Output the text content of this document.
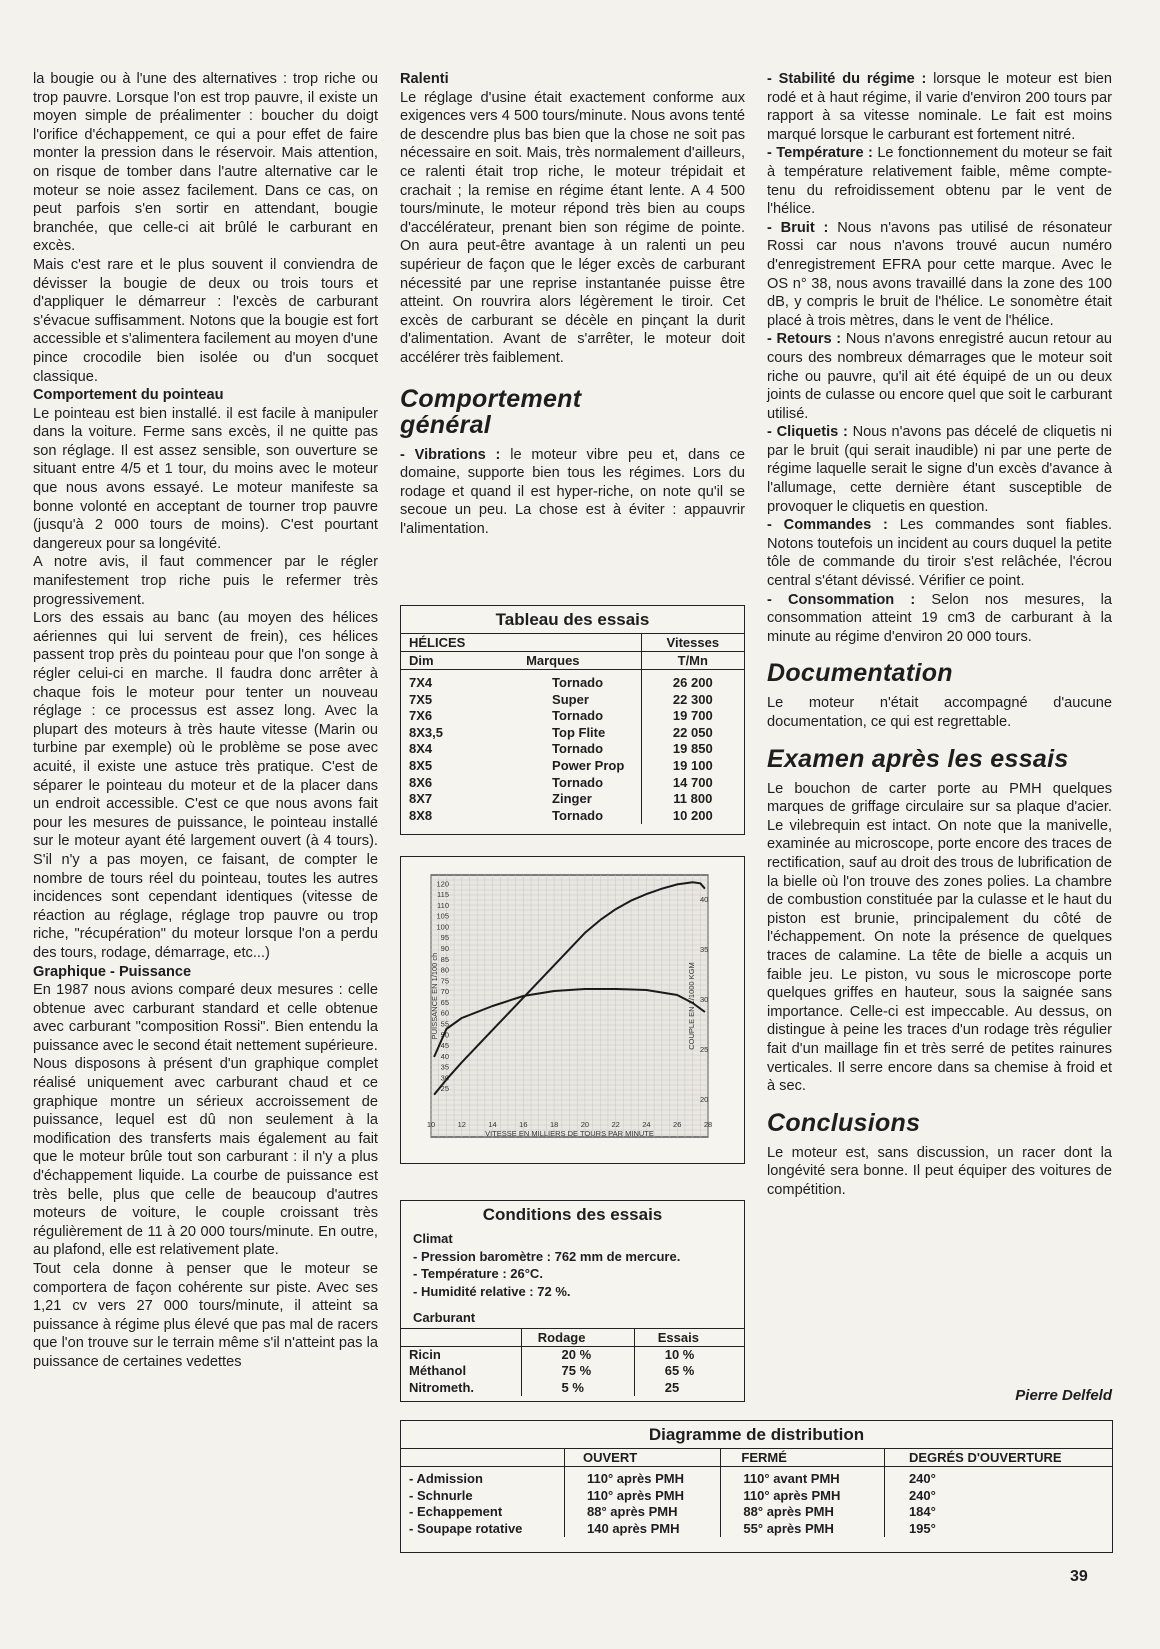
la bougie ou à l'une des alternatives : trop riche ou trop pauvre. Lorsque l'on est trop pauvre, il existe un moyen simple de préalimenter : boucher du doigt l'orifice d'échappement, ce qui a pour effet de faire monter la pression dans le réservoir. Mais attention, on risque de tomber dans l'autre alternative car le moteur se noie assez facilement. Dans ce cas, on peut parfois s'en sortir en attendant, bougie branchée, que celle-ci ait brûlé le carburant en excès.

Mais c'est rare et le plus souvent il conviendra de dévisser la bougie de deux ou trois tours et d'appliquer le démarreur : l'excès de carburant s'évacue suffisamment. Notons que la bougie est fort accessible et s'alimentera facilement au moyen d'une pince crocodile bien isolée ou d'un socquet classique.

Comportement du pointeau

Le pointeau est bien installé. il est facile à manipuler dans la voiture. Ferme sans excès, il ne quitte pas son réglage. Il est assez sensible, son ouverture se situant entre 4/5 et 1 tour, du moins avec le moteur que nous avons essayé. Le moteur manifeste sa bonne volonté en acceptant de tourner trop pauvre (jusqu'à 2 000 tours de moins). C'est pourtant dangereux pour sa longévité.

A notre avis, il faut commencer par le régler manifestement trop riche puis le refermer très progressivement.

Lors des essais au banc (au moyen des hélices aériennes qui lui servent de frein), ces hélices passent trop près du pointeau pour que l'on songe à régler celui-ci en marche. Il faudra donc arrêter à chaque fois le moteur pour tenter un nouveau réglage : ce processus est assez long. Avec la plupart des moteurs à très haute vitesse (Marin ou turbine par exemple) où le problème se pose avec acuité, il existe une astuce très pratique. C'est de séparer le pointeau du moteur et de la placer dans un endroit accessible. C'est ce que nous avons fait pour les mesures de puissance, le pointeau installé sur le moteur ayant été largement ouvert (à 4 tours). S'il n'y a pas moyen, ce faisant, de compter le nombre de tours réel du pointeau, toutes les autres incidences sont cependant identiques (vitesse de réaction au réglage, réglage trop pauvre ou trop riche, "récupération" du moteur lorsque l'on a perdu des tours, rodage, démarrage, etc...)

Graphique - Puissance

En 1987 nous avions comparé deux mesures : celle obtenue avec carburant standard et celle obtenue avec carburant "composition Rossi". Bien entendu la puissance avec le second était nettement supérieure.

Nous disposons à présent d'un graphique complet réalisé uniquement avec carburant chaud et ce graphique montre un sérieux accroissement de puissance, lequel est dû non seulement à la modification des transferts mais également au fait que le moteur brûle tout son carburant : il n'y a plus d'échappement liquide. La courbe de puissance est très belle, plus que celle de beaucoup d'autres moteurs de voiture, le couple croissant très régulièrement de 11 à 20 000 tours/minute. En outre, au plafond, elle est relativement plate.

Tout cela donne à penser que le moteur se comportera de façon cohérente sur piste. Avec ses 1,21 cv vers 27 000 tours/minute, il atteint sa puissance à régime plus élevé que pas mal de racers que l'on trouve sur le terrain même s'il n'atteint pas la puissance de certaines vedettes

Ralenti

Le réglage d'usine était exactement conforme aux exigences vers 4 500 tours/minute. Nous avons tenté de descendre plus bas bien que la chose ne soit pas nécessaire en soit. Mais, très normalement d'ailleurs, ce ralenti était trop riche, le moteur trépidait et crachait ; la remise en régime étant lente. A 4 500 tours/minute, le moteur répond très bien au coups d'accélérateur, prenant bien son régime de pointe. On aura peut-être avantage à un ralenti un peu supérieur de façon que le léger excès de carburant nécessité par une reprise instantanée puisse être atteint. On rouvrira alors légèrement le tiroir. Cet excès de carburant se décèle en pinçant la durit d'alimentation. Avant de s'arrêter, le moteur doit accélérer très faiblement.

Comportement général

- Vibrations : le moteur vibre peu et, dans ce domaine, supporte bien tous les régimes. Lors du rodage et quand il est hyper-riche, on note qu'il se secoue un peu. La chose est à éviter : appauvrir l'alimentation.

- Stabilité du régime : lorsque le moteur est bien rodé et à haut régime, il varie d'environ 200 tours par rapport à sa vitesse nominale. Le fait est moins marqué lorsque le carburant est fortement nitré.

- Température : Le fonctionnement du moteur se fait à température relativement faible, même compte-tenu du refroidissement obtenu par le vent de l'hélice.

- Bruit : Nous n'avons pas utilisé de résonateur Rossi car nous n'avons trouvé aucun numéro d'enregistrement EFRA pour cette marque. Avec le OS n° 38, nous avons travaillé dans la zone des 100 dB, y compris le bruit de l'hélice. Le sonomètre était placé à trois mètres, dans le vent de l'hélice.

- Retours : Nous n'avons enregistré aucun retour au cours des nombreux démarrages que le moteur soit riche ou pauvre, qu'il ait été équipé de un ou deux joints de culasse ou encore quel que soit le carburant utilisé.

- Cliquetis : Nous n'avons pas décelé de cliquetis ni par le bruit (qui serait inaudible) ni par une perte de régime laquelle serait le signe d'un excès d'avance à l'allumage, cette dernière étant susceptible de provoquer le cliquetis en question.

- Commandes : Les commandes sont fiables. Notons toutefois un incident au cours duquel la petite tôle de commande du tiroir s'est relâchée, l'écrou central s'étant dévissé. Vérifier ce point.

- Consommation : Selon nos mesures, la consommation atteint 19 cm3 de carburant à la minute au régime d'environ 20 000 tours.

Documentation

Le moteur n'était accompagné d'aucune documentation, ce qui est regrettable.

Examen après les essais

Le bouchon de carter porte au PMH quelques marques de griffage circulaire sur sa plaque d'acier. Le vilebrequin est intact. On note que la manivelle, examinée au microscope, porte encore des traces de rectification, sauf au droit des trous de lubrification de la bielle où l'on trouve des zones polies. La chambre de combustion constituée par la culasse et le haut du piston est brunie, principalement du côté de l'échappement. On note la présence de quelques traces de calamine. La tête de bielle a acquis un faible jeu. Le piston, vu sous le microscope porte quelques griffes en hauteur, sous la saignée sans importance. Celle-ci est impeccable. Au dessus, on distingue à peine les traces d'un rodage très régulier fait d'un maillage fin et très serré de petites rainures verticales. Il serre encore dans sa chemise à froid et à sec.

Conclusions

Le moteur est, sans discussion, un racer dont la longévité sera bonne. Il peut équiper des voitures de compétition.

Pierre Delfeld
Tableau des essais
HÉLICES		Vitesses
Dim	Marques	T/Mn

7X4	Tornado	26 200
7X5	Super	22 300
7X6	Tornado	19 700
8X3,5	Top Flite	22 050
8X4	Tornado	19 850
8X5	Power Prop	19 100
8X6	Tornado	14 700
8X7	Zinger	11 800
8X8	Tornado	10 200
25
30
35
40
45
50
55
60
65
70
75
80
85
90
95
100
105
110
115
120
20
25
30
35
40
10	12	14	16	18	20	22	24	26	28
VITESSE EN MILLIERS DE TOURS PAR MINUTE
PUISSANCE EN 1/100 ch	COUPLE EN 1/1000 KGM
Conditions des essais
Climat
- Pression baromètre : 762 mm de mercure.
- Température : 26°C.
- Humidité relative : 72 %.
Carburant
	Rodage	Essais
Ricin	20 %	10 %
Méthanol	75 %	65 %
Nitrometh.	5 %	25
Diagramme de distribution
	OUVERT	FERMÉ	DEGRÉS D'OUVERTURE

- Admission	110° après PMH	110° avant PMH	240°
- Schnurle	110° après PMH	110° après PMH	240°
- Echappement	88° après PMH	88° après PMH	184°
- Soupape rotative	140 après PMH	55° après PMH	195°
39
